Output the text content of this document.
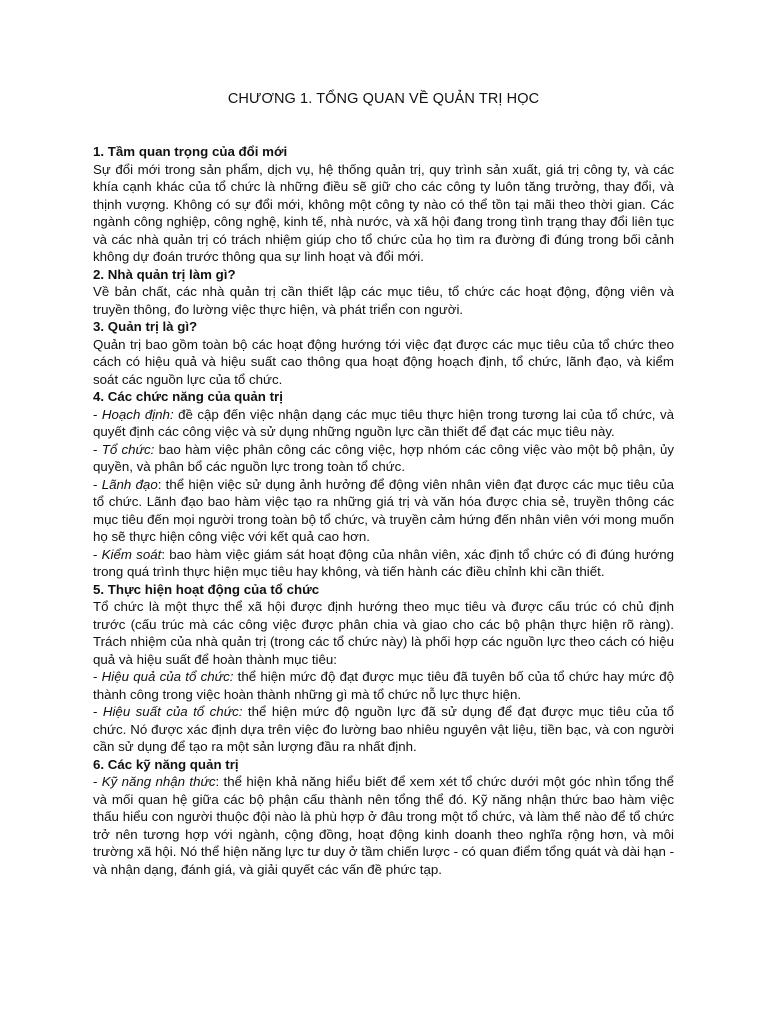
CHƯƠNG 1. TỔNG QUAN VỀ QUẢN TRỊ HỌC

1. Tầm quan trọng của đổi mới

Sự đổi mới trong sản phẩm, dịch vụ, hệ thống quản trị, quy trình sản xuất, giá trị công ty, và các khía cạnh khác của tổ chức là những điều sẽ giữ cho các công ty luôn tăng trưởng, thay đổi, và thịnh vượng. Không có sự đổi mới, không một công ty nào có thể tồn tại mãi theo thời gian. Các ngành công nghiệp, công nghệ, kinh tế, nhà nước, và xã hội đang trong tình trạng thay đổi liên tục và các nhà quản trị có trách nhiệm giúp cho tổ chức của họ tìm ra đường đi đúng trong bối cảnh không dự đoán trước thông qua sự linh hoạt và đổi mới.

2. Nhà quản trị làm gì?

Về bản chất, các nhà quản trị cần thiết lập các mục tiêu, tổ chức các hoạt động, động viên và truyền thông, đo lường việc thực hiện, và phát triển con người.

3. Quản trị là gì?

Quản trị bao gồm toàn bộ các hoạt động hướng tới việc đạt được các mục tiêu của tổ chức theo cách có hiệu quả và hiệu suất cao thông qua hoạt động hoạch định, tổ chức, lãnh đạo, và kiểm soát các nguồn lực của tổ chức.

4. Các chức năng của quản trị

- Hoạch định: đề cập đến việc nhận dạng các mục tiêu thực hiện trong tương lai của tổ chức, và quyết định các công việc và sử dụng những nguồn lực cần thiết để đạt các mục tiêu này.

- Tổ chức: bao hàm việc phân công các công việc, hợp nhóm các công việc vào một bộ phận, ủy quyền, và phân bổ các nguồn lực trong toàn tổ chức.

- Lãnh đạo: thể hiện việc sử dụng ảnh hưởng để động viên nhân viên đạt được các mục tiêu của tổ chức. Lãnh đạo bao hàm việc tạo ra những giá trị và văn hóa được chia sẻ, truyền thông các mục tiêu đến mọi người trong toàn bộ tổ chức, và truyền cảm hứng đến nhân viên với mong muốn họ sẽ thực hiện công việc với kết quả cao hơn.

- Kiểm soát: bao hàm việc giám sát hoạt động của nhân viên, xác định tổ chức có đi đúng hướng trong quá trình thực hiện mục tiêu hay không, và tiến hành các điều chỉnh khi cần thiết.

5. Thực hiện hoạt động của tổ chức

Tổ chức là một thực thể xã hội được định hướng theo mục tiêu và được cấu trúc có chủ định trước (cấu trúc mà các công việc được phân chia và giao cho các bộ phận thực hiện rõ ràng). Trách nhiệm của nhà quản trị (trong các tổ chức này) là phối hợp các nguồn lực theo cách có hiệu quả và hiệu suất để hoàn thành mục tiêu:

- Hiệu quả của tổ chức: thể hiện mức độ đạt được mục tiêu đã tuyên bố của tổ chức hay mức độ thành công trong việc hoàn thành những gì mà tổ chức nỗ lực thực hiện.

- Hiệu suất của tổ chức: thể hiện mức độ nguồn lực đã sử dụng để đạt được mục tiêu của tổ chức. Nó được xác định dựa trên việc đo lường bao nhiêu nguyên vật liệu, tiền bạc, và con người cần sử dụng để tạo ra một sản lượng đầu ra nhất định.

6. Các kỹ năng quản trị

- Kỹ năng nhận thức: thể hiện khả năng hiểu biết để xem xét tổ chức dưới một góc nhìn tổng thể và mối quan hệ giữa các bộ phận cấu thành nên tổng thể đó. Kỹ năng nhận thức bao hàm việc thấu hiểu con người thuộc đội nào là phù hợp ở đâu trong một tổ chức, và làm thế nào để tổ chức trở nên tương hợp với ngành, cộng đồng, hoạt động kinh doanh theo nghĩa rộng hơn, và môi trường xã hội. Nó thể hiện năng lực tư duy ở tầm chiến lược - có quan điểm tổng quát và dài hạn - và nhận dạng, đánh giá, và giải quyết các vấn đề phức tạp.
